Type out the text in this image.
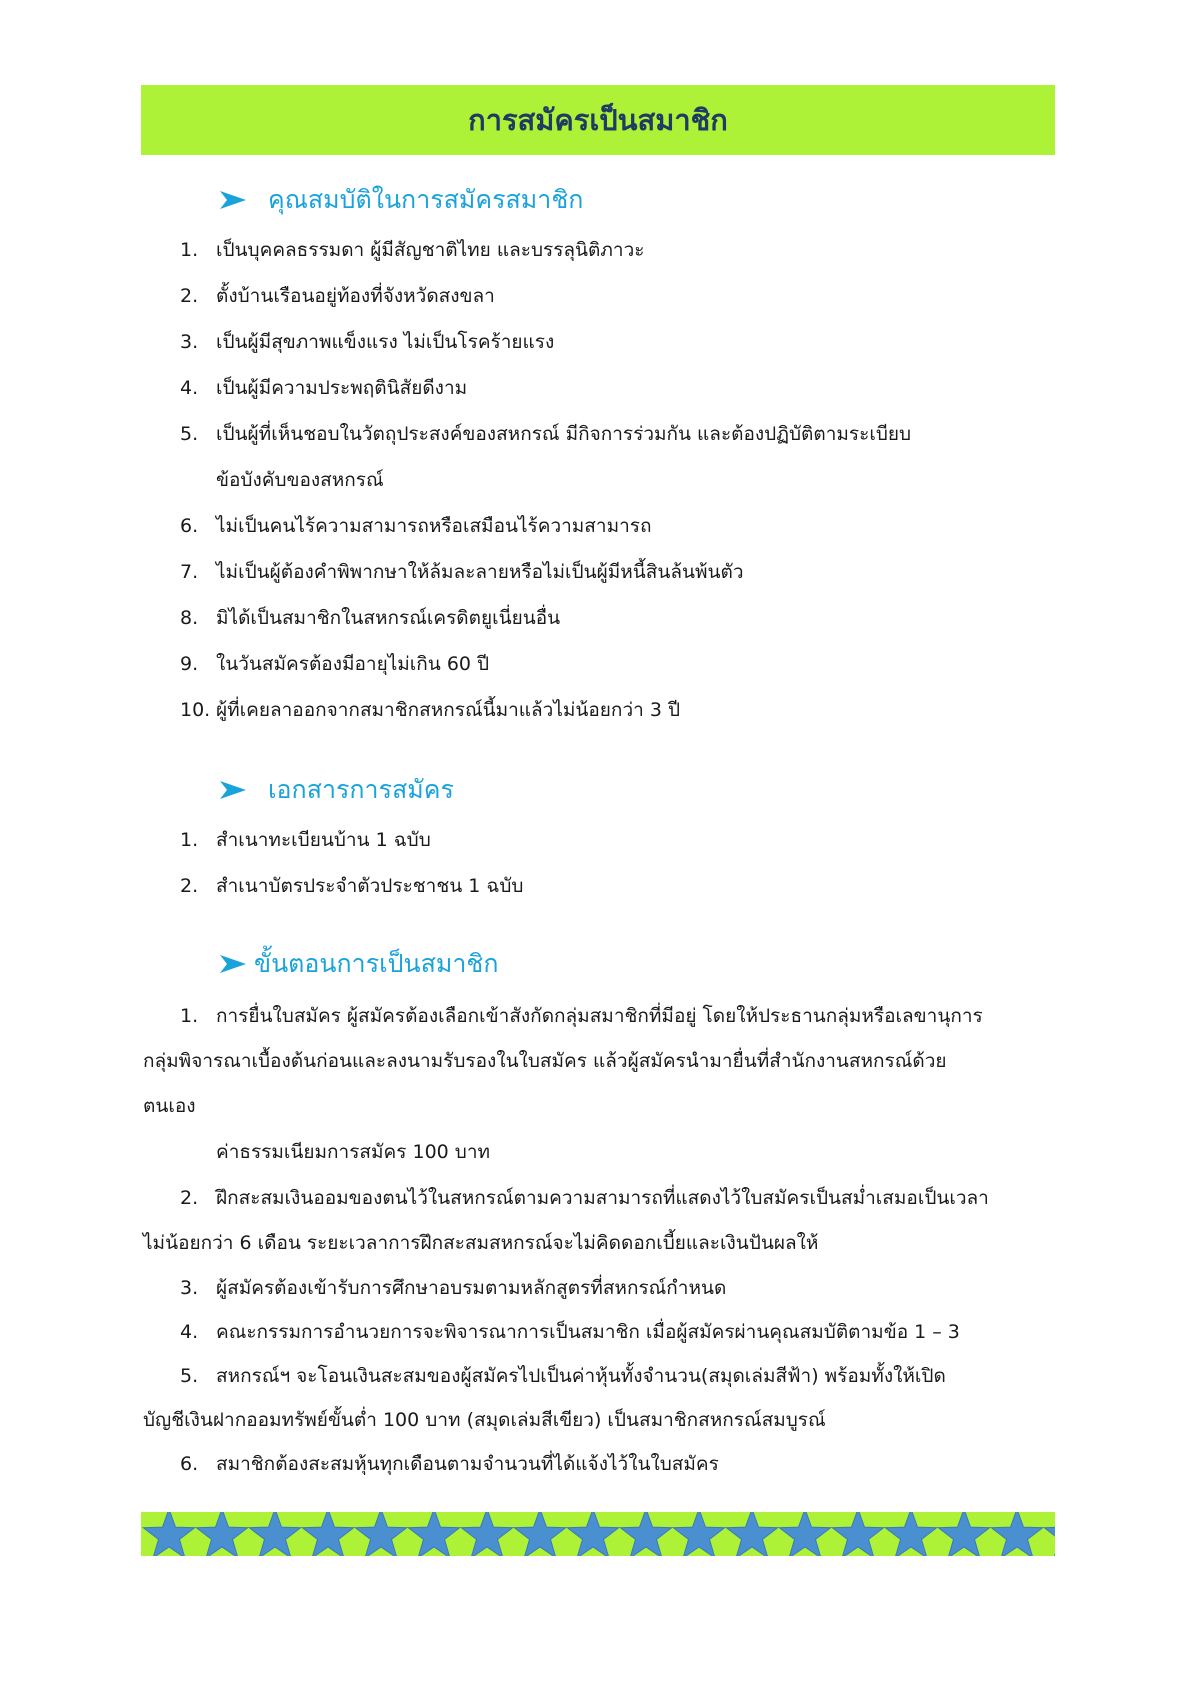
การสมัครเป็นสมาชิก
คุณสมบัติในการสมัครสมาชิก
1. เป็นบุคคลธรรมดา ผู้มีสัญชาติไทย และบรรลุนิติภาวะ
2. ตั้งบ้านเรือนอยู่ท้องที่จังหวัดสงขลา
3. เป็นผู้มีสุขภาพแข็งแรง ไม่เป็นโรคร้ายแรง
4. เป็นผู้มีความประพฤตินิสัยดีงาม
5. เป็นผู้ที่เห็นชอบในวัตถุประสงค์ของสหกรณ์ มีกิจการร่วมกัน และต้องปฏิบัติตามระเบียบ
ข้อบังคับของสหกรณ์
6. ไม่เป็นคนไร้ความสามารถหรือเสมือนไร้ความสามารถ
7. ไม่เป็นผู้ต้องคำพิพากษาให้ล้มละลายหรือไม่เป็นผู้มีหนี้สินล้นพ้นตัว
8. มิได้เป็นสมาชิกในสหกรณ์เครดิตยูเนี่ยนอื่น
9. ในวันสมัครต้องมีอายุไม่เกิน 60 ปี
10. ผู้ที่เคยลาออกจากสมาชิกสหกรณ์นี้มาแล้วไม่น้อยกว่า 3 ปี
เอกสารการสมัคร
1. สำเนาทะเบียนบ้าน 1 ฉบับ
2. สำเนาบัตรประจำตัวประชาชน 1 ฉบับ
ขั้นตอนการเป็นสมาชิก
1. การยื่นใบสมัคร ผู้สมัครต้องเลือกเข้าสังกัดกลุ่มสมาชิกที่มีอยู่ โดยให้ประธานกลุ่มหรือเลขานุการ
กลุ่มพิจารณาเบื้องต้นก่อนและลงนามรับรองในใบสมัคร แล้วผู้สมัครนำมายื่นที่สำนักงานสหกรณ์ด้วย
ตนเอง
ค่าธรรมเนียมการสมัคร 100 บาท
2. ฝึกสะสมเงินออมของตนไว้ในสหกรณ์ตามความสามารถที่แสดงไว้ใบสมัครเป็นสม่ำเสมอเป็นเวลา
ไม่น้อยกว่า 6 เดือน ระยะเวลาการฝึกสะสมสหกรณ์จะไม่คิดดอกเบี้ยและเงินปันผลให้
3. ผู้สมัครต้องเข้ารับการศึกษาอบรมตามหลักสูตรที่สหกรณ์กำหนด
4. คณะกรรมการอำนวยการจะพิจารณาการเป็นสมาชิก เมื่อผู้สมัครผ่านคุณสมบัติตามข้อ 1 – 3
5. สหกรณ์ฯ จะโอนเงินสะสมของผู้สมัครไปเป็นค่าหุ้นทั้งจำนวน(สมุดเล่มสีฟ้า) พร้อมทั้งให้เปิด
บัญชีเงินฝากออมทรัพย์ขั้นต่ำ 100 บาท (สมุดเล่มสีเขียว) เป็นสมาชิกสหกรณ์สมบูรณ์
6. สมาชิกต้องสะสมหุ้นทุกเดือนตามจำนวนที่ได้แจ้งไว้ในใบสมัคร
